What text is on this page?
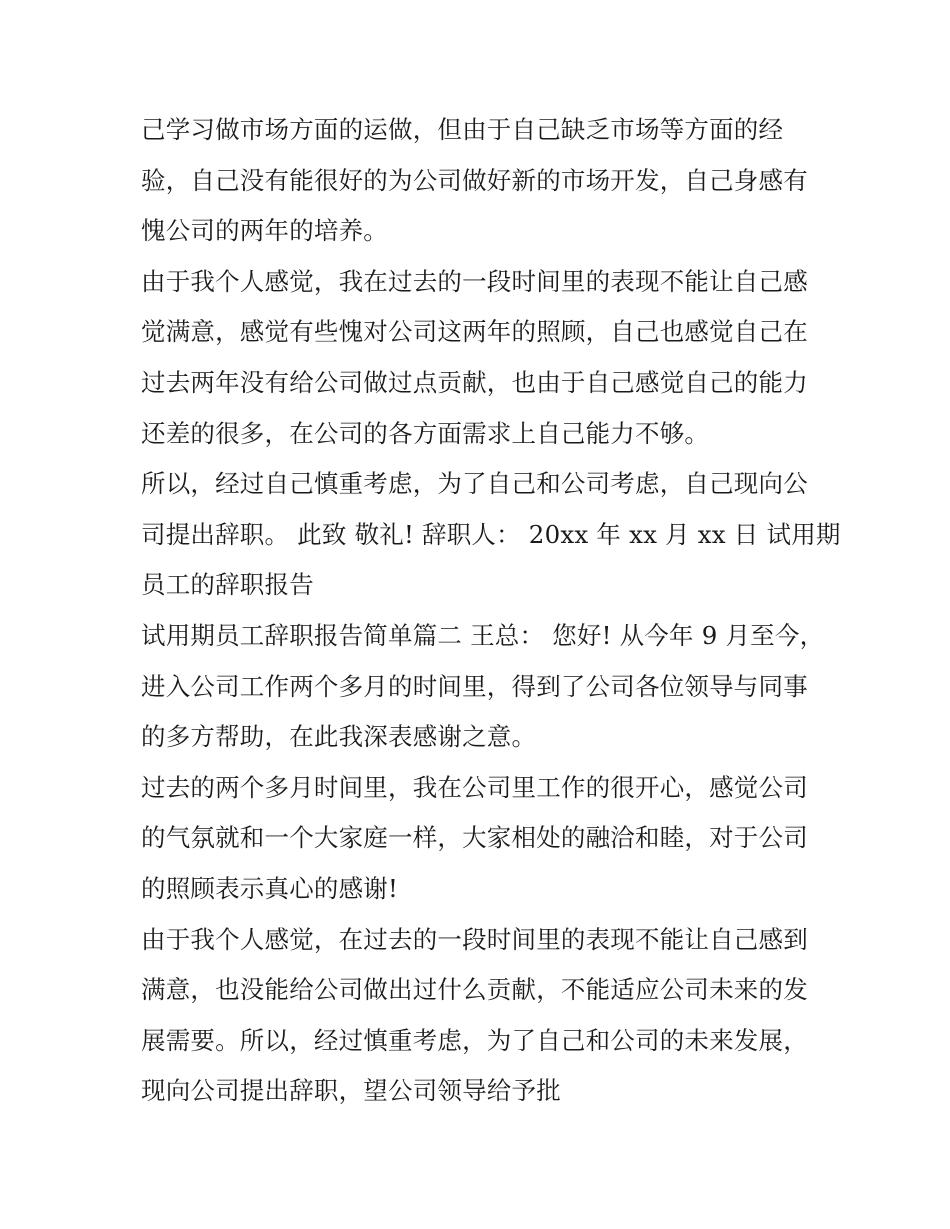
己学习做市场方面的运做，但由于自己缺乏市场等方面的经
验，自己没有能很好的为公司做好新的市场开发，自己身感有
愧公司的两年的培养。
由于我个人感觉，我在过去的一段时间里的表现不能让自己感
觉满意，感觉有些愧对公司这两年的照顾，自己也感觉自己在
过去两年没有给公司做过点贡献，也由于自己感觉自己的能力
还差的很多，在公司的各方面需求上自己能力不够。
所以，经过自己慎重考虑，为了自己和公司考虑，自己现向公
司提出辞职。 此致 敬礼! 辞职人： 20xx 年 xx 月 xx 日 试用期
员工的辞职报告
试用期员工辞职报告简单篇二 王总： 您好! 从今年 9 月至今，
进入公司工作两个多月的时间里，得到了公司各位领导与同事
的多方帮助，在此我深表感谢之意。
过去的两个多月时间里，我在公司里工作的很开心，感觉公司
的气氛就和一个大家庭一样，大家相处的融洽和睦，对于公司
的照顾表示真心的感谢!
由于我个人感觉，在过去的一段时间里的表现不能让自己感到
满意，也没能给公司做出过什么贡献，不能适应公司未来的发
展需要。所以，经过慎重考虑，为了自己和公司的未来发展，
现向公司提出辞职，望公司领导给予批
